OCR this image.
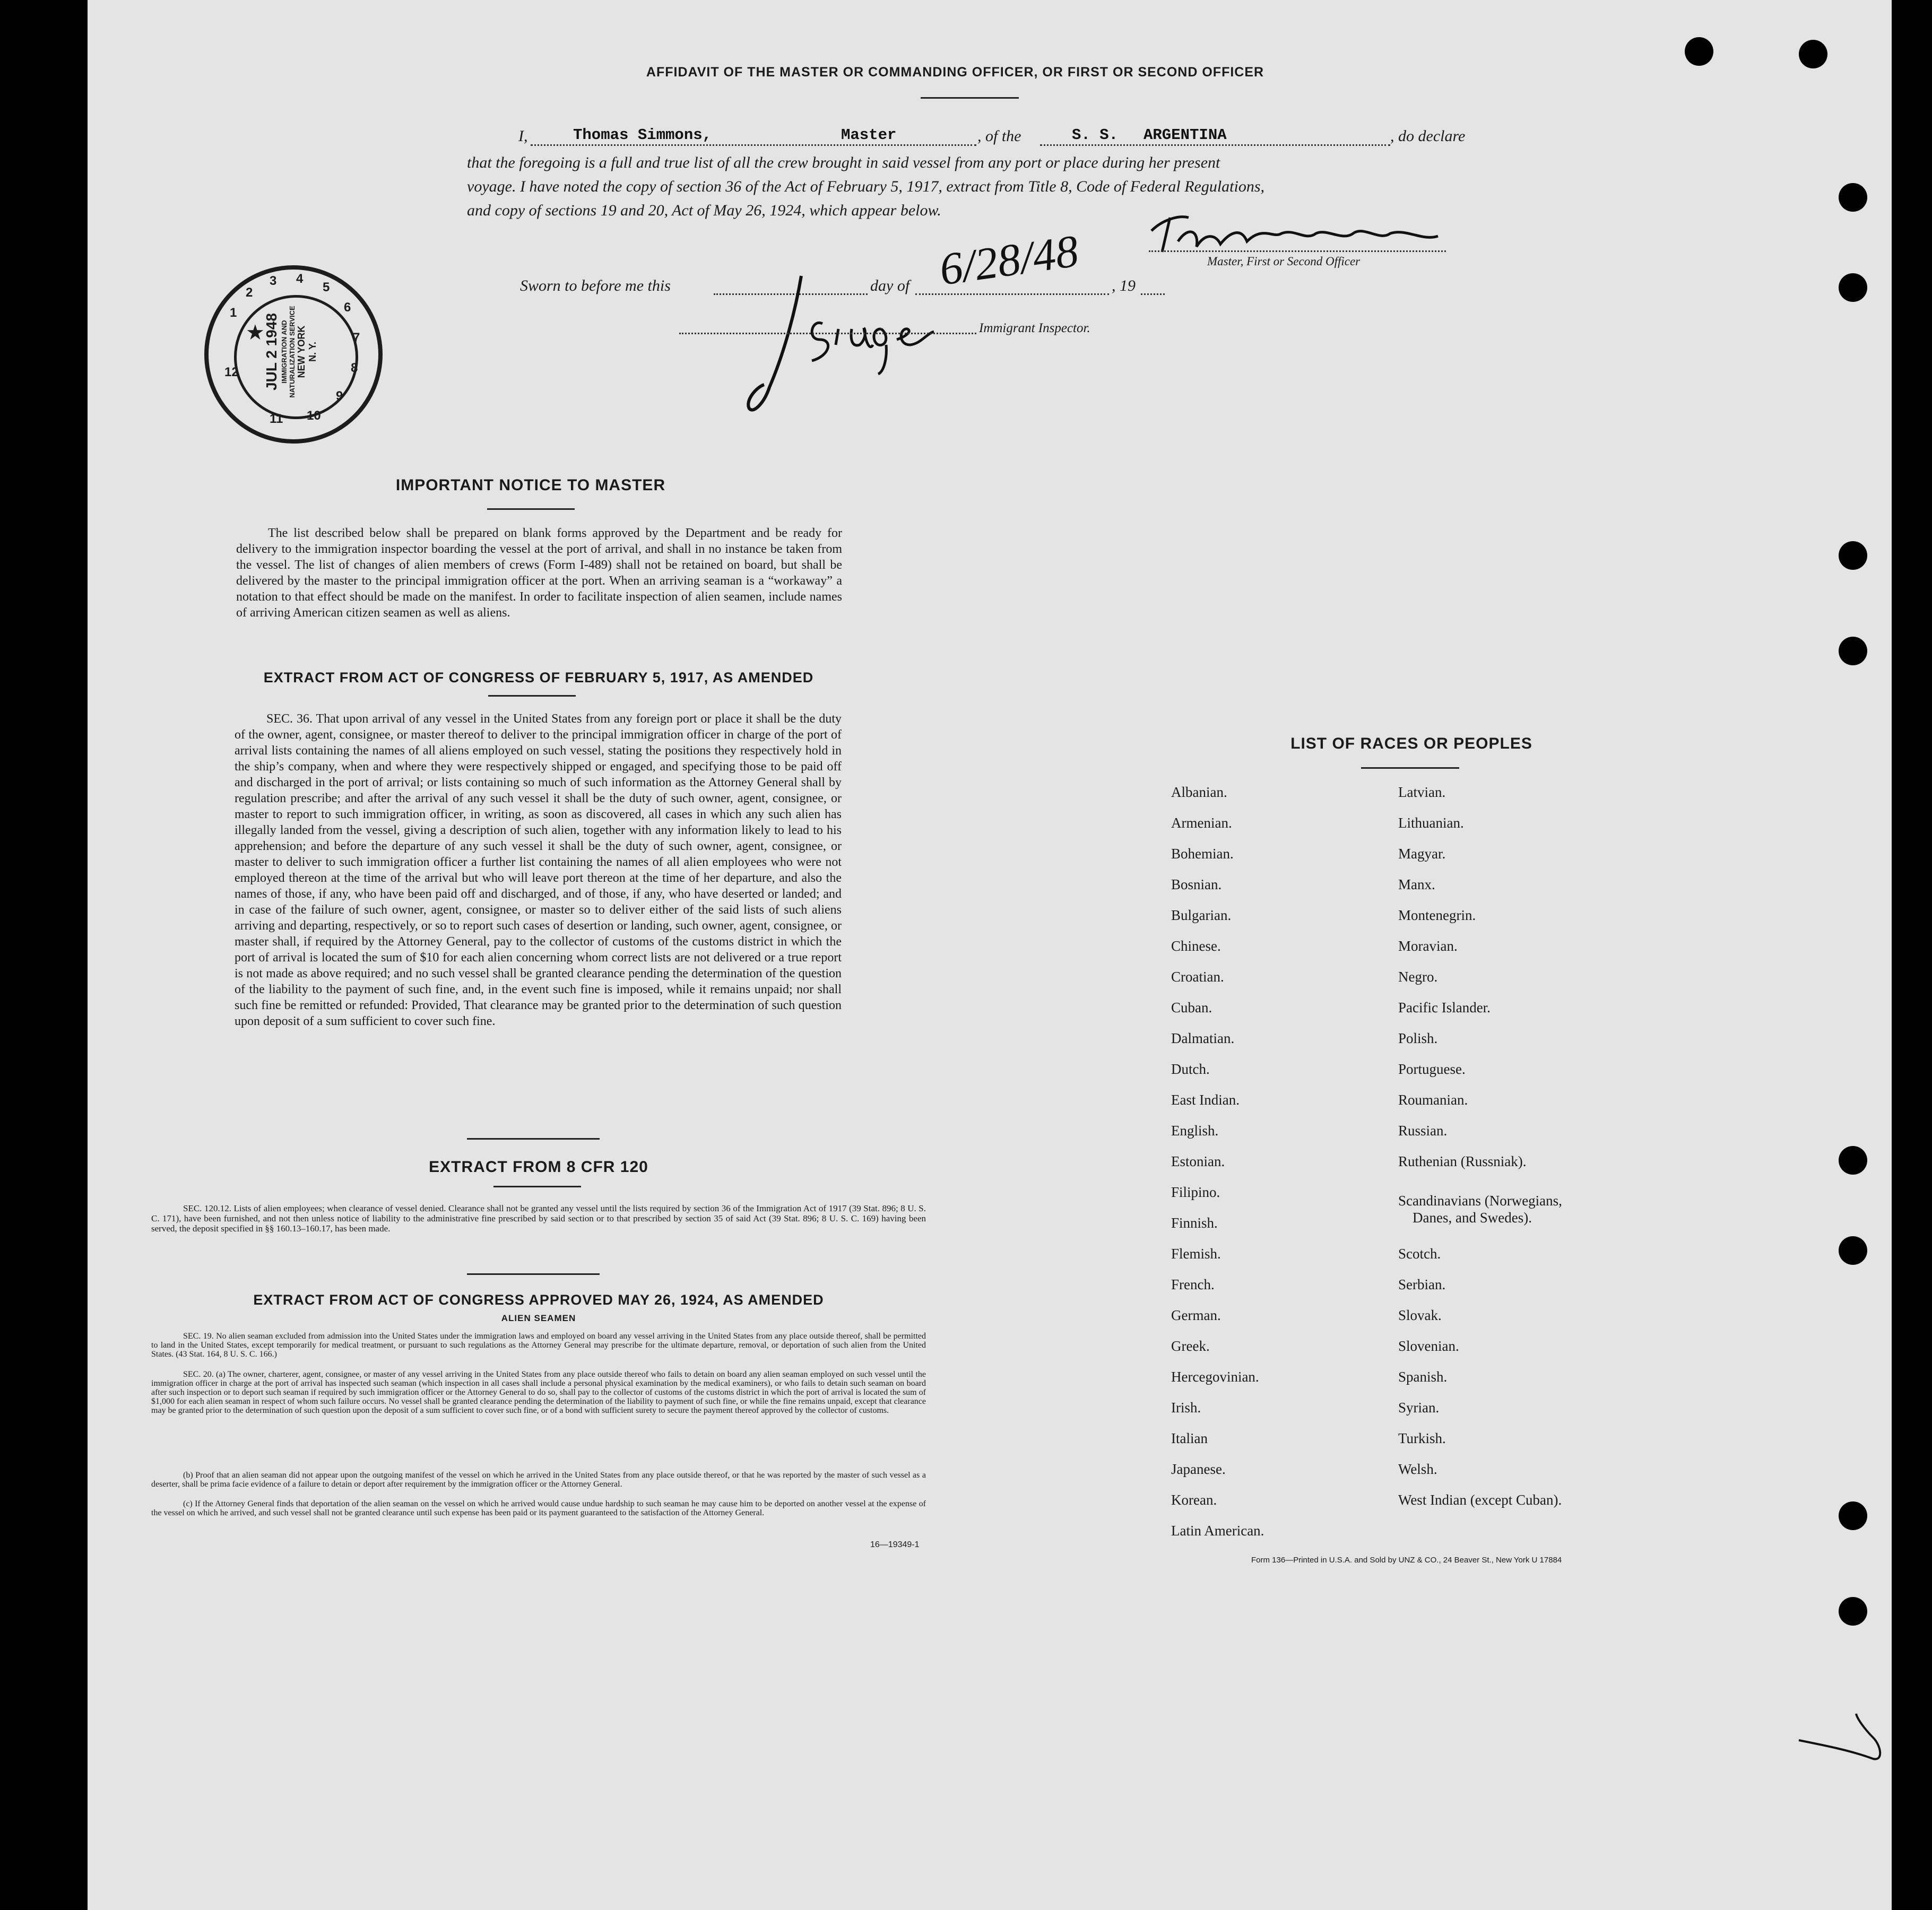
AFFIDAVIT OF THE MASTER OR COMMANDING OFFICER, OR FIRST OR SECOND OFFICER
I,	Thomas Simmons,	Master	, of the	S. S. ARGENTINA	, do declare
that the foregoing is a full and true list of all the crew brought in said vessel from any port or place during her present
voyage. I have noted the copy of section 36 of the Act of February 5, 1917, extract from Title 8, Code of Federal Regulations,
and copy of sections 19 and 20, Act of May 26, 1924, which appear below.
Master, First or Second Officer
Sworn to before me this	day of 6/28/48 , 19
Immigrant Inspector.
1
2
3 4
5
6
7
8
9
10
11
12
★
JUL 2 1948 IMMIGRATION AND NATURALIZATION SERVICE NEW YORK N. Y.
IMPORTANT NOTICE TO MASTER
The list described below shall be prepared on blank forms approved by the Department and be ready for delivery to the immigration inspector boarding the vessel at the port of arrival, and shall in no instance be taken from the vessel. The list of changes of alien members of crews (Form I-489) shall not be retained on board, but shall be delivered by the master to the principal immigration officer at the port. When an arriving seaman is a “workaway” a notation to that effect should be made on the manifest. In order to facilitate inspection of alien seamen, include names of arriving American citizen seamen as well as aliens.
EXTRACT FROM ACT OF CONGRESS OF FEBRUARY 5, 1917, AS AMENDED
SEC. 36. That upon arrival of any vessel in the United States from any foreign port or place it shall be the duty of the owner, agent, consignee, or master thereof to deliver to the principal immigration officer in charge of the port of arrival lists containing the names of all aliens employed on such vessel, stating the positions they respectively hold in the ship’s company, when and where they were respectively shipped or engaged, and specifying those to be paid off and discharged in the port of arrival; or lists containing so much of such information as the Attorney General shall by regulation prescribe; and after the arrival of any such vessel it shall be the duty of such owner, agent, consignee, or master to report to such immigration officer, in writing, as soon as discovered, all cases in which any such alien has illegally landed from the vessel, giving a description of such alien, together with any information likely to lead to his apprehension; and before the departure of any such vessel it shall be the duty of such owner, agent, consignee, or master to deliver to such immigration officer a further list containing the names of all alien employees who were not employed thereon at the time of the arrival but who will leave port thereon at the time of her departure, and also the names of those, if any, who have been paid off and discharged, and of those, if any, who have deserted or landed; and in case of the failure of such owner, agent, consignee, or master so to deliver either of the said lists of such aliens arriving and departing, respectively, or so to report such cases of desertion or landing, such owner, agent, consignee, or master shall, if required by the Attorney General, pay to the collector of customs of the customs district in which the port of arrival is located the sum of $10 for each alien concerning whom correct lists are not delivered or a true report is not made as above required; and no such vessel shall be granted clearance pending the determination of the question of the liability to the payment of such fine, and, in the event such fine is imposed, while it remains unpaid; nor shall such fine be remitted or refunded: Provided, That clearance may be granted prior to the determination of such question upon deposit of a sum sufficient to cover such fine.
EXTRACT FROM 8 CFR 120
SEC. 120.12. Lists of alien employees; when clearance of vessel denied. Clearance shall not be granted any vessel until the lists required by section 36 of the Immigration Act of 1917 (39 Stat. 896; 8 U. S. C. 171), have been furnished, and not then unless notice of liability to the administrative fine prescribed by said section or to that prescribed by section 35 of said Act (39 Stat. 896; 8 U. S. C. 169) having been served, the deposit specified in §§ 160.13–160.17, has been made.
EXTRACT FROM ACT OF CONGRESS APPROVED MAY 26, 1924, AS AMENDED
ALIEN SEAMEN
SEC. 19. No alien seaman excluded from admission into the United States under the immigration laws and employed on board any vessel arriving in the United States from any place outside thereof, shall be permitted to land in the United States, except temporarily for medical treatment, or pursuant to such regulations as the Attorney General may prescribe for the ultimate departure, removal, or deportation of such alien from the United States. (43 Stat. 164, 8 U. S. C. 166.)
SEC. 20. (a) The owner, charterer, agent, consignee, or master of any vessel arriving in the United States from any place outside thereof who fails to detain on board any alien seaman employed on such vessel until the immigration officer in charge at the port of arrival has inspected such seaman (which inspection in all cases shall include a personal physical examination by the medical examiners), or who fails to detain such seaman on board after such inspection or to deport such seaman if required by such immigration officer or the Attorney General to do so, shall pay to the collector of customs of the customs district in which the port of arrival is located the sum of $1,000 for each alien seaman in respect of whom such failure occurs. No vessel shall be granted clearance pending the determination of the liability to payment of such fine, or while the fine remains unpaid, except that clearance may be granted prior to the determination of such question upon the deposit of a sum sufficient to cover such fine, or of a bond with sufficient surety to secure the payment thereof approved by the collector of customs.
(b) Proof that an alien seaman did not appear upon the outgoing manifest of the vessel on which he arrived in the United States from any place outside thereof, or that he was reported by the master of such vessel as a deserter, shall be prima facie evidence of a failure to detain or deport after requirement by the immigration officer or the Attorney General.
(c) If the Attorney General finds that deportation of the alien seaman on the vessel on which he arrived would cause undue hardship to such seaman he may cause him to be deported on another vessel at the expense of the vessel on which he arrived, and such vessel shall not be granted clearance until such expense has been paid or its payment guaranteed to the satisfaction of the Attorney General.
16—19349-1
LIST OF RACES OR PEOPLES
Albanian.
Armenian.
Bohemian.
Bosnian.
Bulgarian.
Chinese.
Croatian.
Cuban.
Dalmatian.
Dutch.
East Indian.
English.
Estonian.
Filipino.
Finnish.
Flemish.
French.
German.
Greek.
Hercegovinian.
Irish.
Italian
Japanese.
Korean.
Latin American.
Latvian.
Lithuanian.
Magyar.
Manx.
Montenegrin.
Moravian.
Negro.
Pacific Islander.
Polish.
Portuguese.
Roumanian.
Russian.
Ruthenian (Russniak).
Scandinavians (Norwegians,
Danes, and Swedes).
Scotch.
Serbian.
Slovak.
Slovenian.
Spanish.
Syrian.
Turkish.
Welsh.
West Indian (except Cuban).
Form 136—Printed in U.S.A. and Sold by UNZ & CO., 24 Beaver St., New York U 17884
